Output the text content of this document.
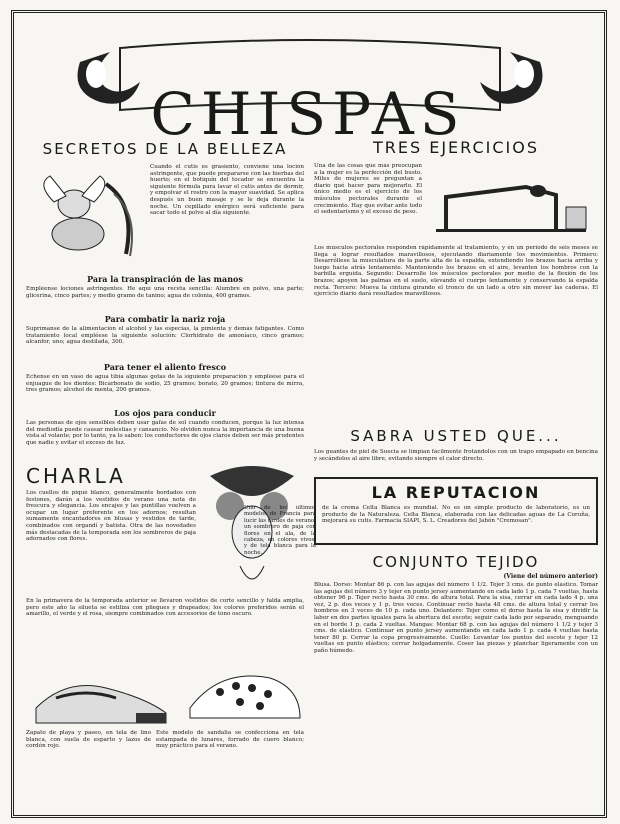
CHISPAS
SECRETOS DE LA BELLEZA

Cuando el cutis es grasiento, conviene una loción astringente, que puede prepararse con las hierbas del huerto; en el botiquín del tocador se encuentra la siguiente fórmula para lavar el cutis antes de dormir, y empolvar el rostro con la mayor suavidad. Se aplica después un buen masaje y se le deja durante la noche. Un cepillado enérgico será suficiente para sacar todo el polvo al día siguiente.

Para la transpiración de las manos

Empléense lociones astringentes. He aquí una receta sencilla: Alumbre en polvo, una parte; glicerina, cinco partes; y medio gramo de tanino; agua de colonia, 400 gramos.

Para combatir la nariz roja

Suprímanse de la alimentación el alcohol y las especias, la pimienta y demás fatigantes. Como tratamiento local empléese la siguiente solución: Clorhidrato de amoníaco, cinco gramos; alcanfor, uno; agua destilada, 300.

Para tener el aliento fresco

Échense en un vaso de agua tibia algunas gotas de la siguiente preparación y empléese para el enjuague de los dientes: Bicarbonato de sodio, 25 gramos; borato, 20 gramos; tintura de mirra, tres gramos; alcohol de menta, 200 gramos.

Los ojos para conducir

Las personas de ojos sensibles deben usar gafas de sol cuando conducen, porque la luz intensa del mediodía puede causar molestias y cansancio. No olviden nunca la importancia de una buena vista al volante; por lo tanto, ya lo saben: los conductores de ojos claros deben ser más prudentes que nadie y evitar el exceso de luz.

CHARLA

Los cuellos de piqué blanco, generalmente bordados con festones, darán a los vestidos de verano una nota de frescura y elegancia. Los encajes y las puntillas vuelven a ocupar un lugar preferente en los adornos; resultan sumamente encantadores en blusas y vestidos de tarde, combinados con organdí y batista. Otra de las novedades más destacadas de la temporada son los sombreros de paja adornados con flores.

En la primavera de la temporada anterior se llevaron vestidos de corte sencillo y falda amplia, pero este año la silueta se estiliza con pliegues y drapeados; los colores preferidos serán el amarillo, el verde y el rosa, siempre combinados con accesorios de tono oscuro.

Zapato de playa y paseo, en tela de lino blanca, con suela de esparto y lazos de cordón rojo.

Este modelo de sandalia se confecciona en tela estampada de lunares, forrado de cuero blanco; muy práctico para el verano.

Uno de los últimos modelos de Francia para lucir las tardes de verano: un sombrero de paja con flores en el ala, de la cabeza, en colores vivos, y de tela blanca para la noche.

TRES EJERCICIOS

Una de las cosas que más preocupan a la mujer es la perfección del busto. Miles de mujeres se preguntan a diario qué hacer para mejorarlo. El único medio es el ejercicio de los músculos pectorales durante el crecimiento. Hay que evitar ante todo el sedentarismo y el exceso de peso.

Los músculos pectorales responden rápidamente al tratamiento, y en un período de seis meses se llega a lograr resultados maravillosos, ejecutando diariamente los movimientos. Primero: Desarróllese la musculatura de la parte alta de la espalda, extendiendo los brazos hacia arriba y luego hacia atrás lentamente. Manteniendo los brazos en el aire, levanten los hombros con la barbilla erguida. Segundo: Desarrolle los músculos pectorales por medio de la flexión de los brazos; apoyen las palmas en el suelo, elevando el cuerpo lentamente y conservando la espalda recta. Tercero: Mueva la cintura girando el tronco de un lado a otro sin mover las caderas. El ejercicio diario dará resultados maravillosos.

SABRA USTED QUE...

Los guantes de piel de Suecia se limpian fácilmente frotándolos con un trapo empapado en bencina y secándolos al aire libre, evitando siempre el calor directo.

LA REPUTACION

de la crema Celta Blanca es mundial. No es un simple producto de laboratorio, es un producto de la Naturaleza. Celta Blanca, elaborada con las delicadas aguas de La Coruña, mejorará su cutis. Farmacia SIAPI, S. L. Creadores del Jabón "Cremosan".

CONJUNTO TEJIDO
(Viene del número anterior)

Blusa. Dorso: Montar 86 p. con las agujas del número 1 1/2. Tejer 3 cms. de punto elástico. Tomar las agujas del número 3 y tejer en punto jersey aumentando en cada lado 1 p. cada 7 vueltas, hasta obtener 96 p. Tejer recto hasta 30 cms. de altura total. Para la sisa, cerrar en cada lado 4 p. una vez, 2 p. dos veces y 1 p. tres veces. Continuar recto hasta 48 cms. de altura total y cerrar los hombros en 3 veces de 10 p. cada uno. Delantero: Tejer como el dorso hasta la sisa y dividir la labor en dos partes iguales para la abertura del escote; seguir cada lado por separado, menguando en el borde 1 p. cada 2 vueltas. Mangas: Montar 68 p. con las agujas del número 1 1/2 y tejer 3 cms. de elástico. Continuar en punto jersey aumentando en cada lado 1 p. cada 4 vueltas hasta tener 80 p. Cerrar la copa progresivamente. Cuello: Levantar los puntos del escote y tejer 12 vueltas en punto elástico; cerrar holgadamente. Coser las piezas y planchar ligeramente con un paño húmedo.
